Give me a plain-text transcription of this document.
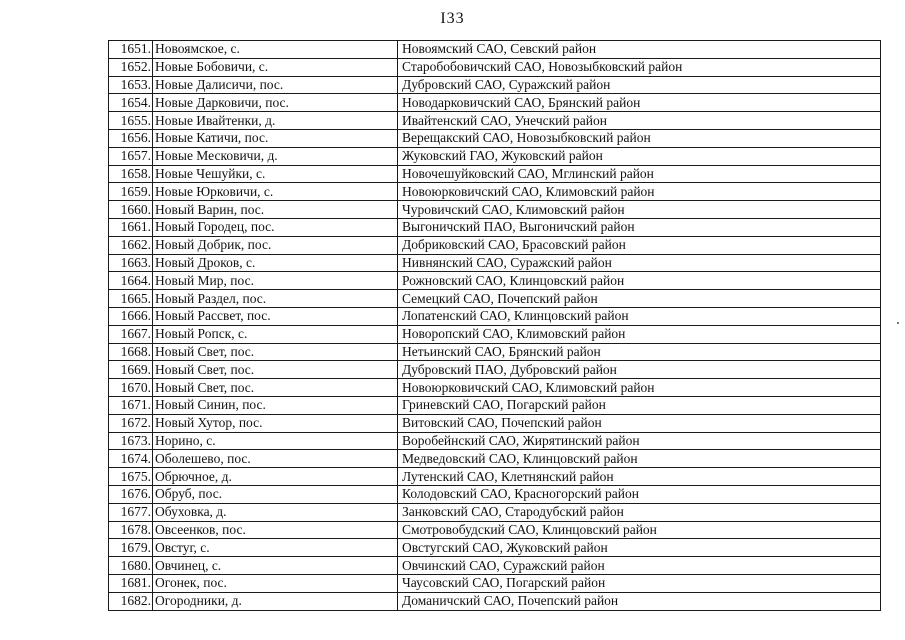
I33
1651.	Новоямское, с.	Новоямский САО, Севский район
1652.	Новые Бобовичи, с.	Старобобовичский САО, Новозыбковский район
1653.	Новые Далисичи, пос.	Дубровский САО, Суражский район
1654.	Новые Дарковичи, пос.	Новодарковичский САО, Брянский район
1655.	Новые Ивайтенки, д.	Ивайтенский САО, Унечский район
1656.	Новые Катичи, пос.	Верещакский САО, Новозыбковский район
1657.	Новые Месковичи, д.	Жуковский ГАО, Жуковский район
1658.	Новые Чешуйки, с.	Новочешуйковский САО, Мглинский район
1659.	Новые Юрковичи, с.	Новоюрковичский САО, Климовский район
1660.	Новый Варин, пос.	Чуровичский САО, Климовский район
1661.	Новый Городец, пос.	Выгоничский ПАО, Выгоничский район
1662.	Новый Добрик, пос.	Добриковский САО, Брасовский район
1663.	Новый Дроков, с.	Нивнянский САО, Суражский район
1664.	Новый Мир, пос.	Рожновский САО, Клинцовский район
1665.	Новый Раздел, пос.	Семецкий САО, Почепский район
1666.	Новый Рассвет, пос.	Лопатенский САО, Клинцовский район
1667.	Новый Ропск, с.	Новоропский САО, Климовский район
1668.	Новый Свет, пос.	Нетьинский САО, Брянский район
1669.	Новый Свет, пос.	Дубровский ПАО, Дубровский район
1670.	Новый Свет, пос.	Новоюрковичский САО, Климовский район
1671.	Новый Синин, пос.	Гриневский САО, Погарский район
1672.	Новый Хутор, пос.	Витовский САО, Почепский район
1673.	Норино, с.	Воробейнский САО, Жирятинский район
1674.	Оболешево, пос.	Медведовский САО, Клинцовский район
1675.	Обрючное, д.	Лутенский САО, Клетнянский район
1676.	Обруб, пос.	Колодовский САО, Красногорский район
1677.	Обуховка, д.	Занковский САО, Стародубский район
1678.	Овсеенков, пос.	Смотровобудский САО, Клинцовский район
1679.	Овстуг, с.	Овстугский САО, Жуковский район
1680.	Овчинец, с.	Овчинский САО, Суражский район
1681.	Огонек, пос.	Чаусовский САО, Погарский район
1682.	Огородники, д.	Доманичский САО, Почепский район
